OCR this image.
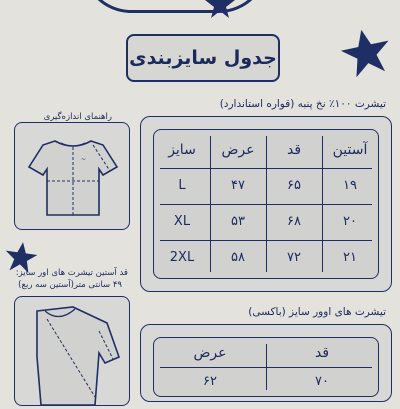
جدول سایزبندی
تیشرت ۱۰۰٪ نخ پنبه (قواره استاندارد)
راهنمای اندازه‌گیری
~
قد آستین تیشرت های اور سایز:
۴۹ سانتی متر(آستین سه ربع)
سایز	عرض	قد	آستین
L	۴۷	۶۵	۱۹
XL	۵۳	۶۸	۲۰
2XL	۵۸	۷۲	۲۱
تیشرت های اوور سایز (باکسی)
عرض	قد
۶۲	۷۰
